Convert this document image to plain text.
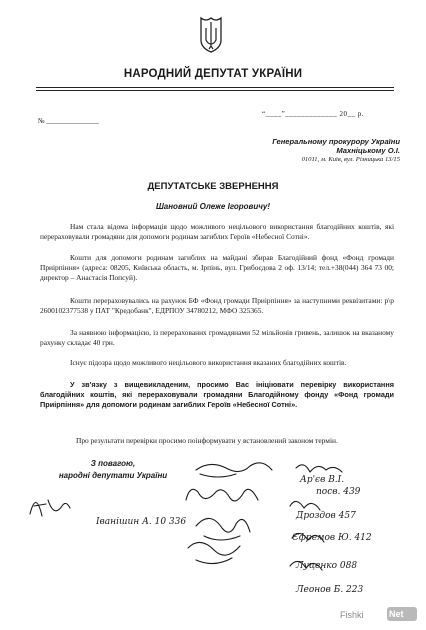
НАРОДНИЙ ДЕПУТАТ УКРАЇНИ
“____”_____________ 20__ р.
№ _______________
Генеральному прокурору України
Махніцькому О.І.
01011, м. Київ, вул. Різницька 13/15
ДЕПУТАТСЬКЕ ЗВЕРНЕННЯ
Шановний Олеже Ігоровичу!
Нам стала відома інформація щодо можливого нецільового використання благодійних коштів, які перераховували громадяни для допомоги родинам загиблих Героїв «Небесної Сотні».
Кошти для допомоги родинам загиблих на майдані збирав Благодійний фонд «Фонд громади Приірпіння» (адреса: 08205, Київська область, м. Ірпінь, вул. Грибоєдова 2 оф. 13/14; тел.+38(044) 364 73 00; директор – Анастасія Попсуй).
Кошти перераховувались на рахунок БФ «Фонд громади Приірпіння» за наступними реквізитами: р\р 2600102377538 у ПАТ "Кредобанк", ЕДРПОУ 34780212, МФО 325365.
За наявною інформацією, із перерахованих громадянами 52 мільйонів гривень, залишок на вказаному рахунку складає 40 грн.
Існує підозра щодо можливого нецільового використання вказаних благодійних коштів.
У зв'язку з вищевикладеним, просимо Вас ініціювати перевірку використання благодійних коштів, які перераховували громадяни Благодійному фонду «Фонд громади Приірпіння» для допомоги родинам загиблих Героїв «Небесної Сотні».
Про результати перевірки просимо поінформувати у встановлений законом термін.
З повагою,
народні депутати України	Ар'єв В.І.
посв. 439
Іванішин А. 10 336
Дроздов 457
Єфремов Ю. 412
Луценко 088
Леонов Б. 223
Fishki	Net
